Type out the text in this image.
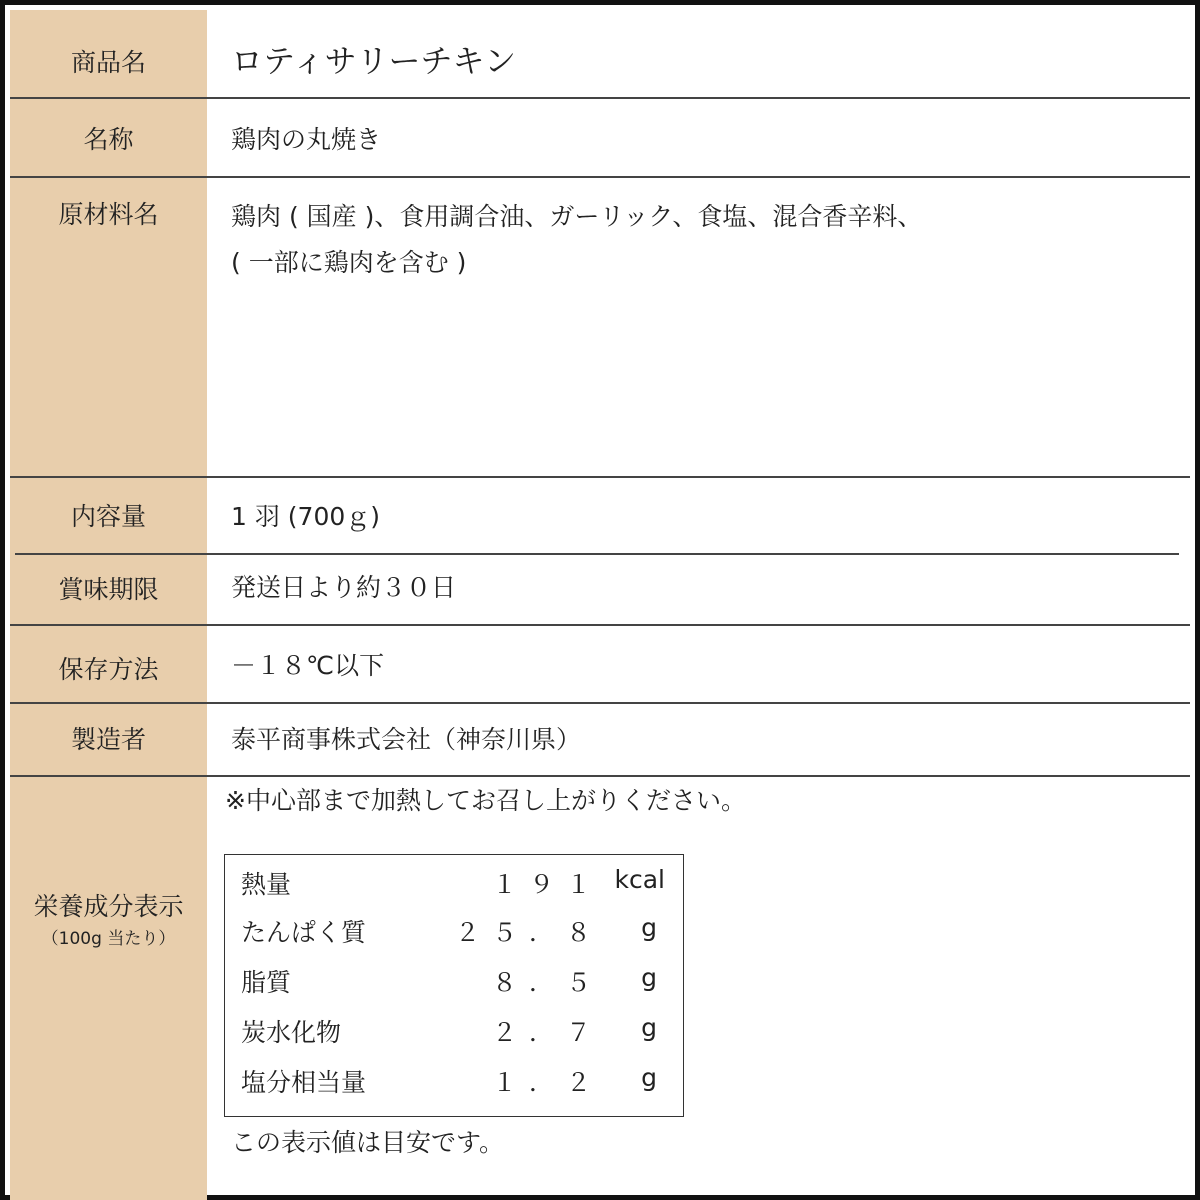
商品名	ロティサリーチキン
名称	鶏肉の丸焼き
原材料名	鶏肉 ( 国産 )、食用調合油、ガーリック、食塩、混合香辛料、
( 一部に鶏肉を含む )
内容量	1 羽 (700ｇ)
賞味期限	発送日より約３０日
保存方法	－１８℃以下
製造者	泰平商事株式会社（神奈川県）
栄養成分表示
（100g 当たり）
※中心部まで加熱してお召し上がりください。
熱量	１９１ kcal
たんぱく質	２５．８ g
脂質	８．５ g
炭水化物	２．７ g
塩分相当量	１．２ g
この表示値は目安です。
